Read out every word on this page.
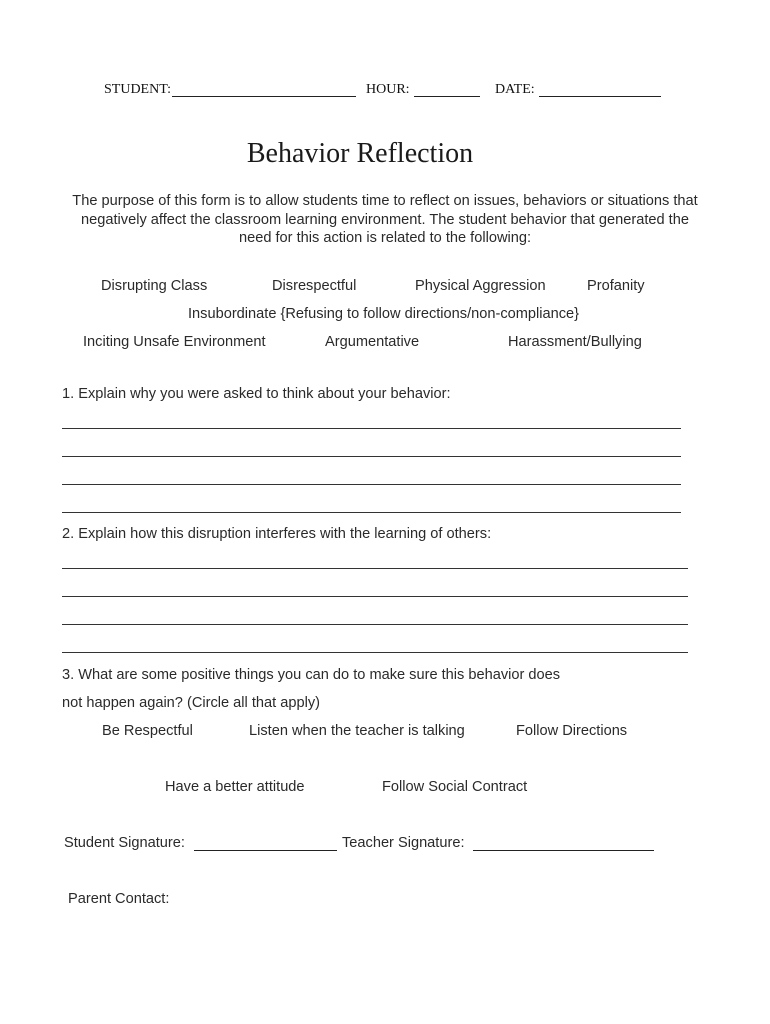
STUDENT:	HOUR:	DATE:
Behavior Reflection
The purpose of this form is to allow students time to reflect on issues, behaviors or situations that negatively affect the classroom learning environment. The student behavior that generated the need for this action is related to the following:
Disrupting Class	Disrespectful	Physical Aggression	Profanity
Insubordinate {Refusing to follow directions/non-compliance}
Inciting Unsafe Environment	Argumentative	Harassment/Bullying
1. Explain why you were asked to think about your behavior:
2. Explain how this disruption interferes with the learning of others:
3. What are some positive things you can do to make sure this behavior does
not happen again? (Circle all that apply)
Be Respectful	Listen when the teacher is talking	Follow Directions
Have a better attitude	Follow Social Contract
Student Signature:	Teacher Signature:
Parent Contact:
